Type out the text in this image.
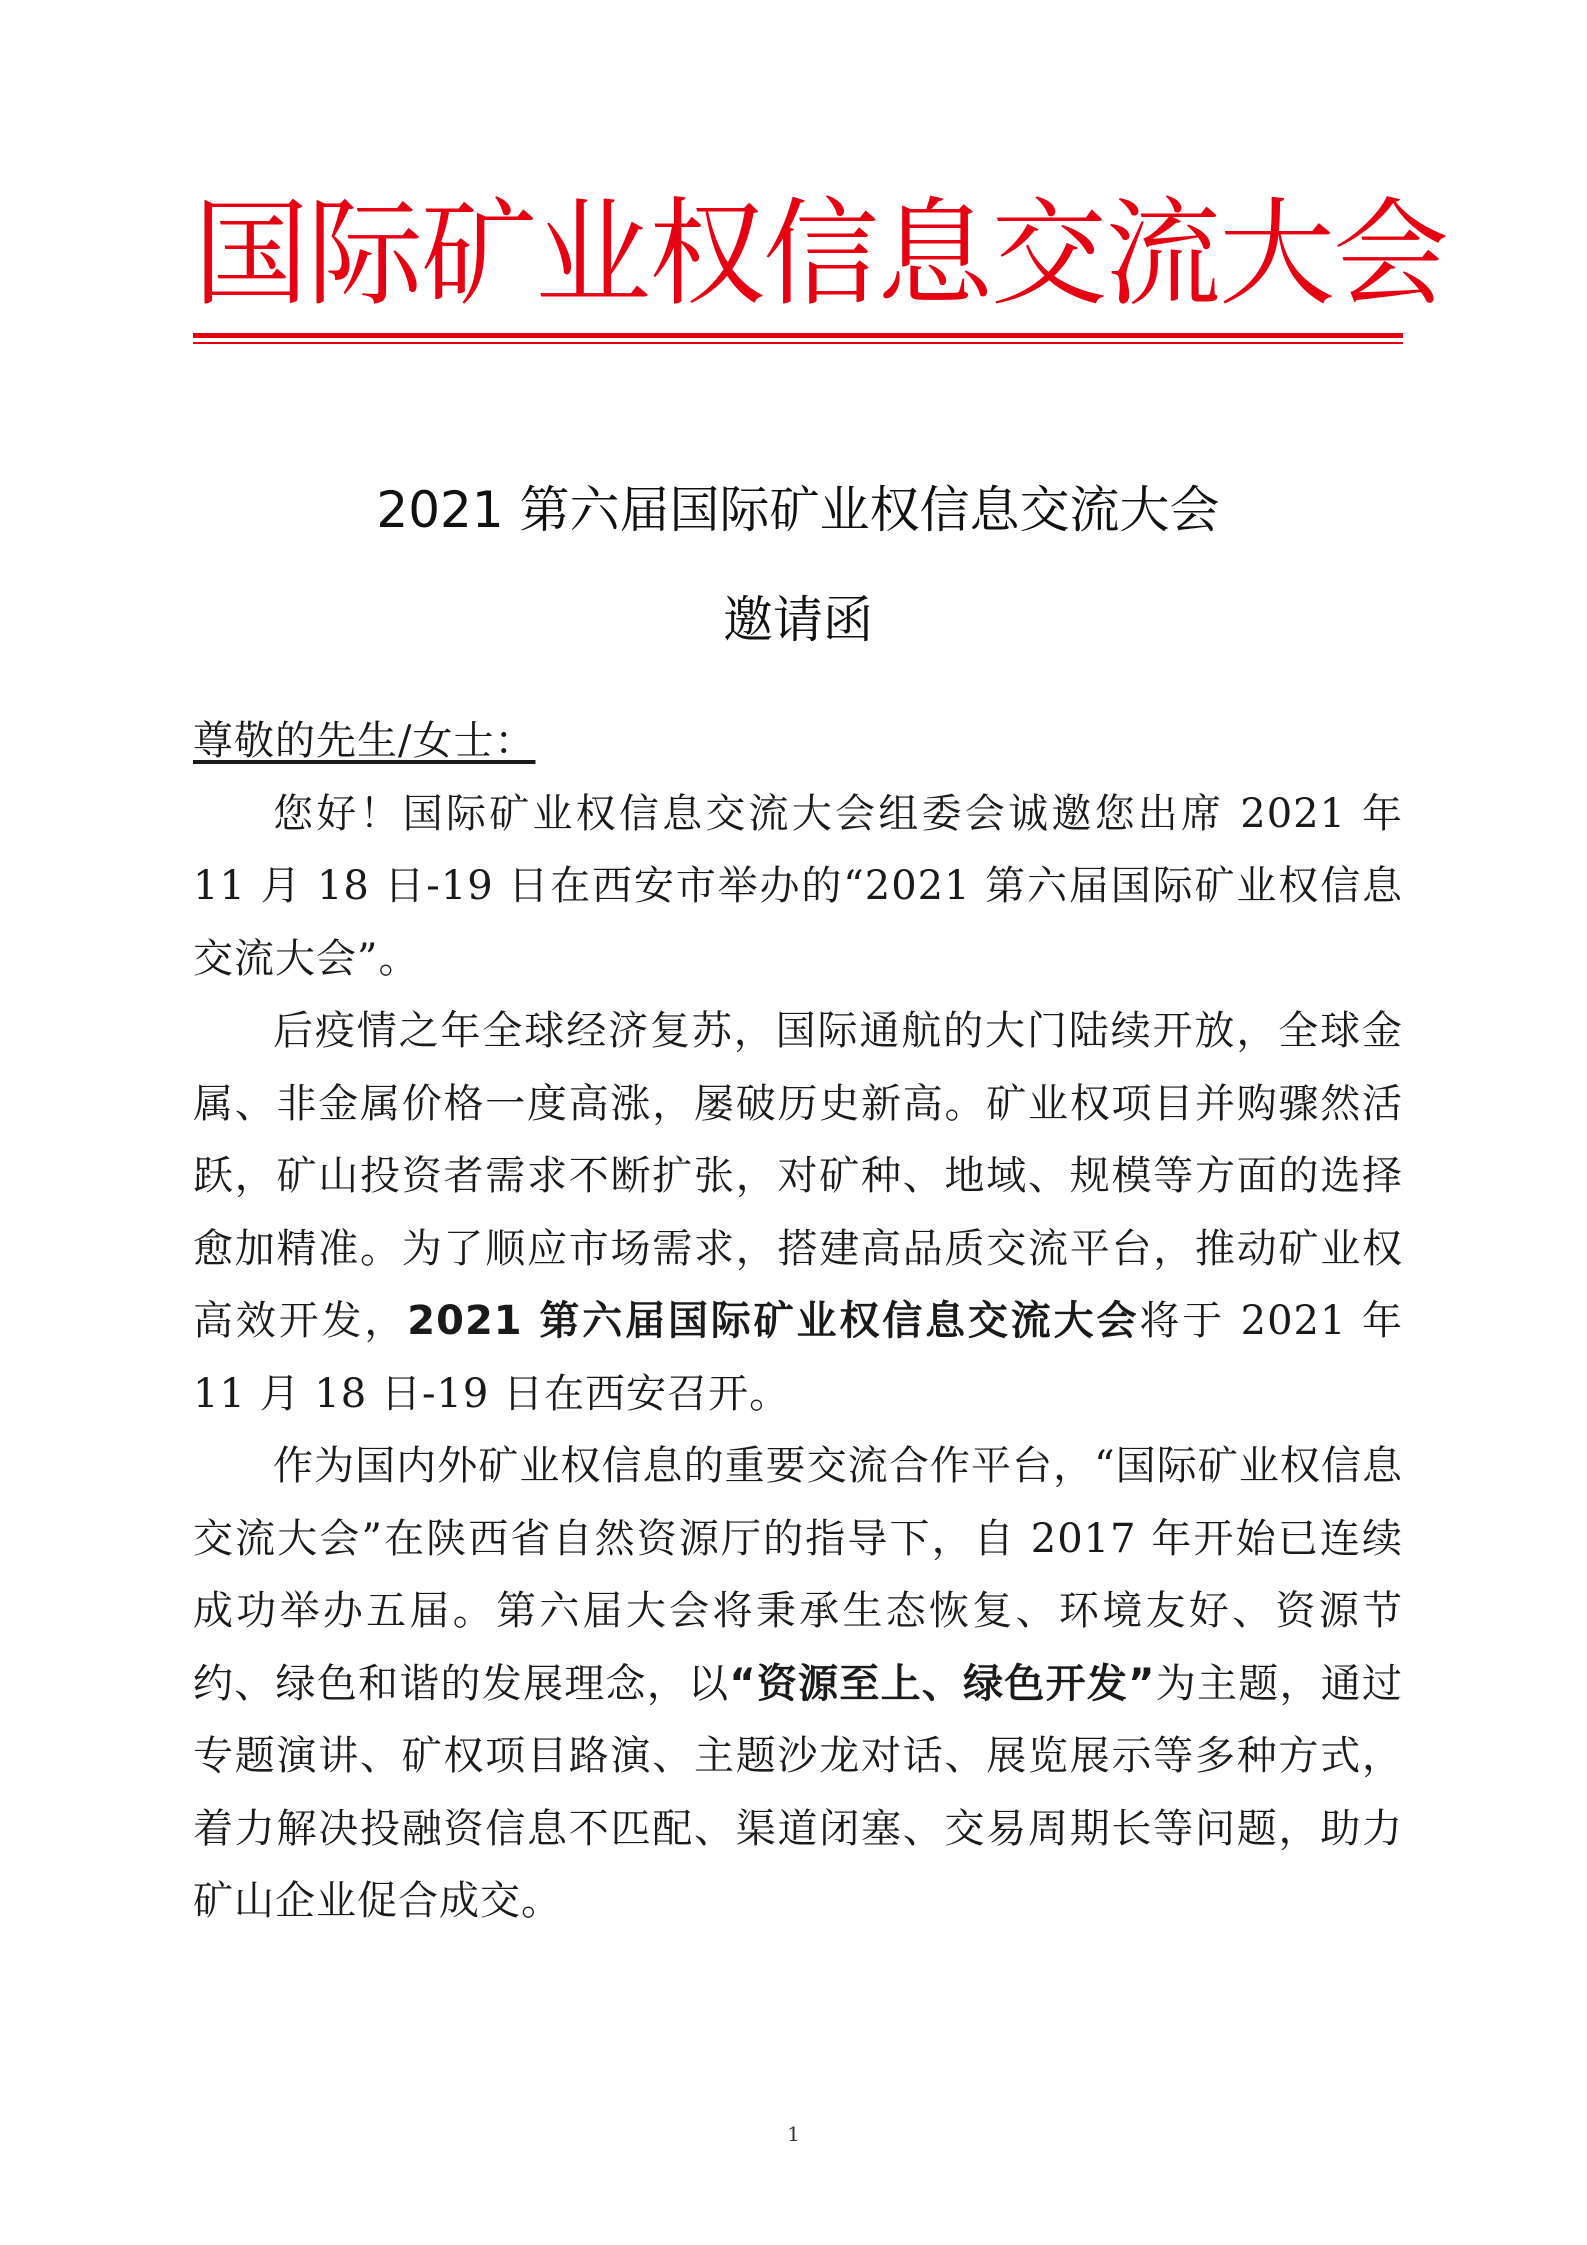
国际矿业权信息交流大会
2021 第六届国际矿业权信息交流大会
邀请函

尊敬的先生/女士：

您好！国际矿业权信息交流大会组委会诚邀您出席 2021 年 11 月 18 日-19 日在西安市举办的“2021 第六届国际矿业权信息交流大会”。

后疫情之年全球经济复苏，国际通航的大门陆续开放，全球金属、非金属价格一度高涨，屡破历史新高。矿业权项目并购骤然活跃，矿山投资者需求不断扩张，对矿种、地域、规模等方面的选择愈加精准。为了顺应市场需求，搭建高品质交流平台，推动矿业权高效开发，2021 第六届国际矿业权信息交流大会将于 2021 年 11 月 18 日-19 日在西安召开。

作为国内外矿业权信息的重要交流合作平台，“国际矿业权信息交流大会”在陕西省自然资源厅的指导下，自 2017 年开始已连续成功举办五届。第六届大会将秉承生态恢复、环境友好、资源节约、绿色和谐的发展理念，以“资源至上、绿色开发”为主题，通过专题演讲、矿权项目路演、主题沙龙对话、展览展示等多种方式，着力解决投融资信息不匹配、渠道闭塞、交易周期长等问题，助力矿山企业促合成交。

1
